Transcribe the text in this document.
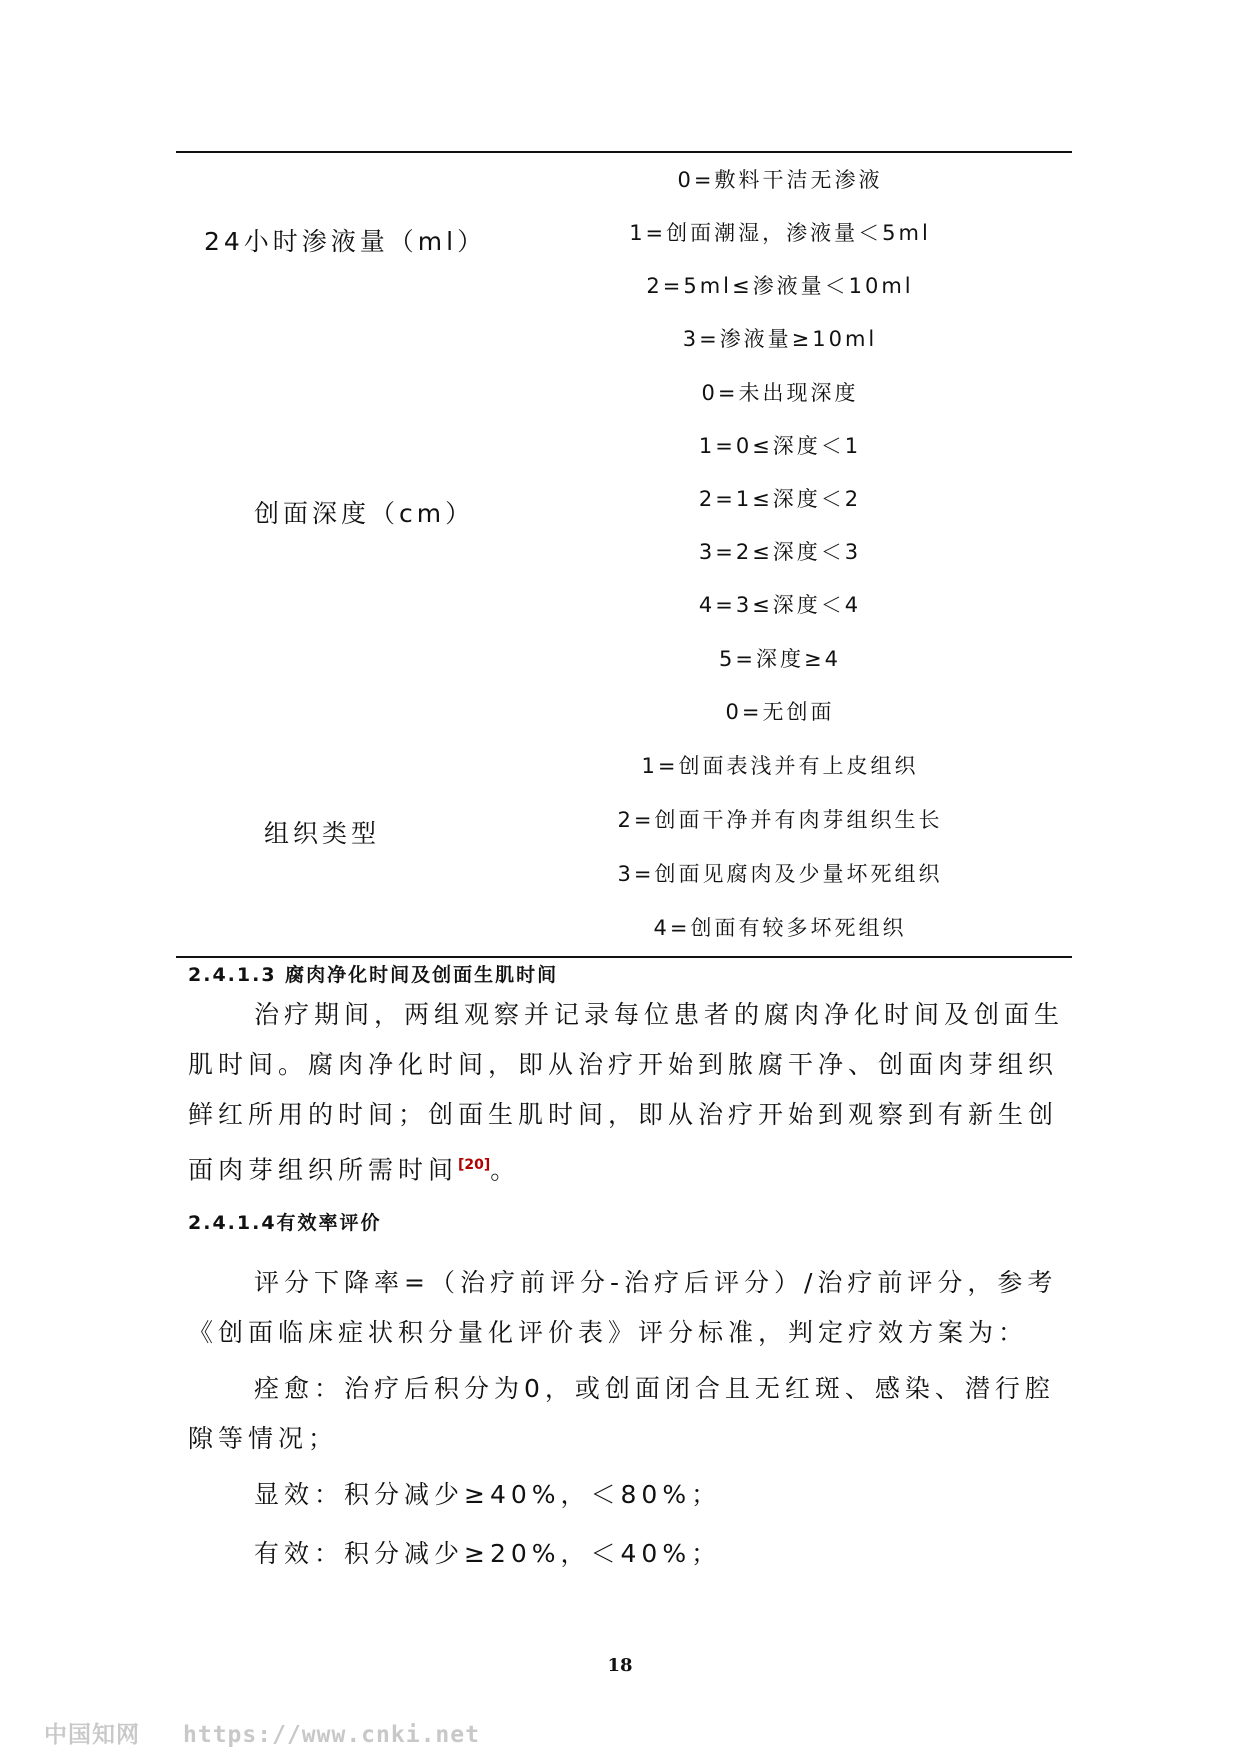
24小时渗液量（ml）
0=敷料干洁无渗液
1=创面潮湿，渗液量＜5ml
2=5ml≤渗液量＜10ml
3=渗液量≥10ml
创面深度（cm）
0=未出现深度
1=0≤深度＜1
2=1≤深度＜2
3=2≤深度＜3
4=3≤深度＜4
5=深度≥4
组织类型
0=无创面
1=创面表浅并有上皮组织
2=创面干净并有肉芽组织生长
3=创面见腐肉及少量坏死组织
4=创面有较多坏死组织
2.4.1.3 腐肉净化时间及创面生肌时间

治疗期间，两组观察并记录每位患者的腐肉净化时间及创面生肌时间。腐肉净化时间，即从治疗开始到脓腐干净、创面肉芽组织鲜红所用的时间；创面生肌时间，即从治疗开始到观察到有新生创面肉芽组织所需时间[20]。

2.4.1.4有效率评价

评分下降率=（治疗前评分-治疗后评分）/治疗前评分，参考《创面临床症状积分量化评价表》评分标准，判定疗效方案为：

痊愈：治疗后积分为0，或创面闭合且无红斑、感染、潜行腔隙等情况；

显效：积分减少≥40%，＜80%；

有效：积分减少≥20%，＜40%；

18
中国知网 https://www.cnki.net
